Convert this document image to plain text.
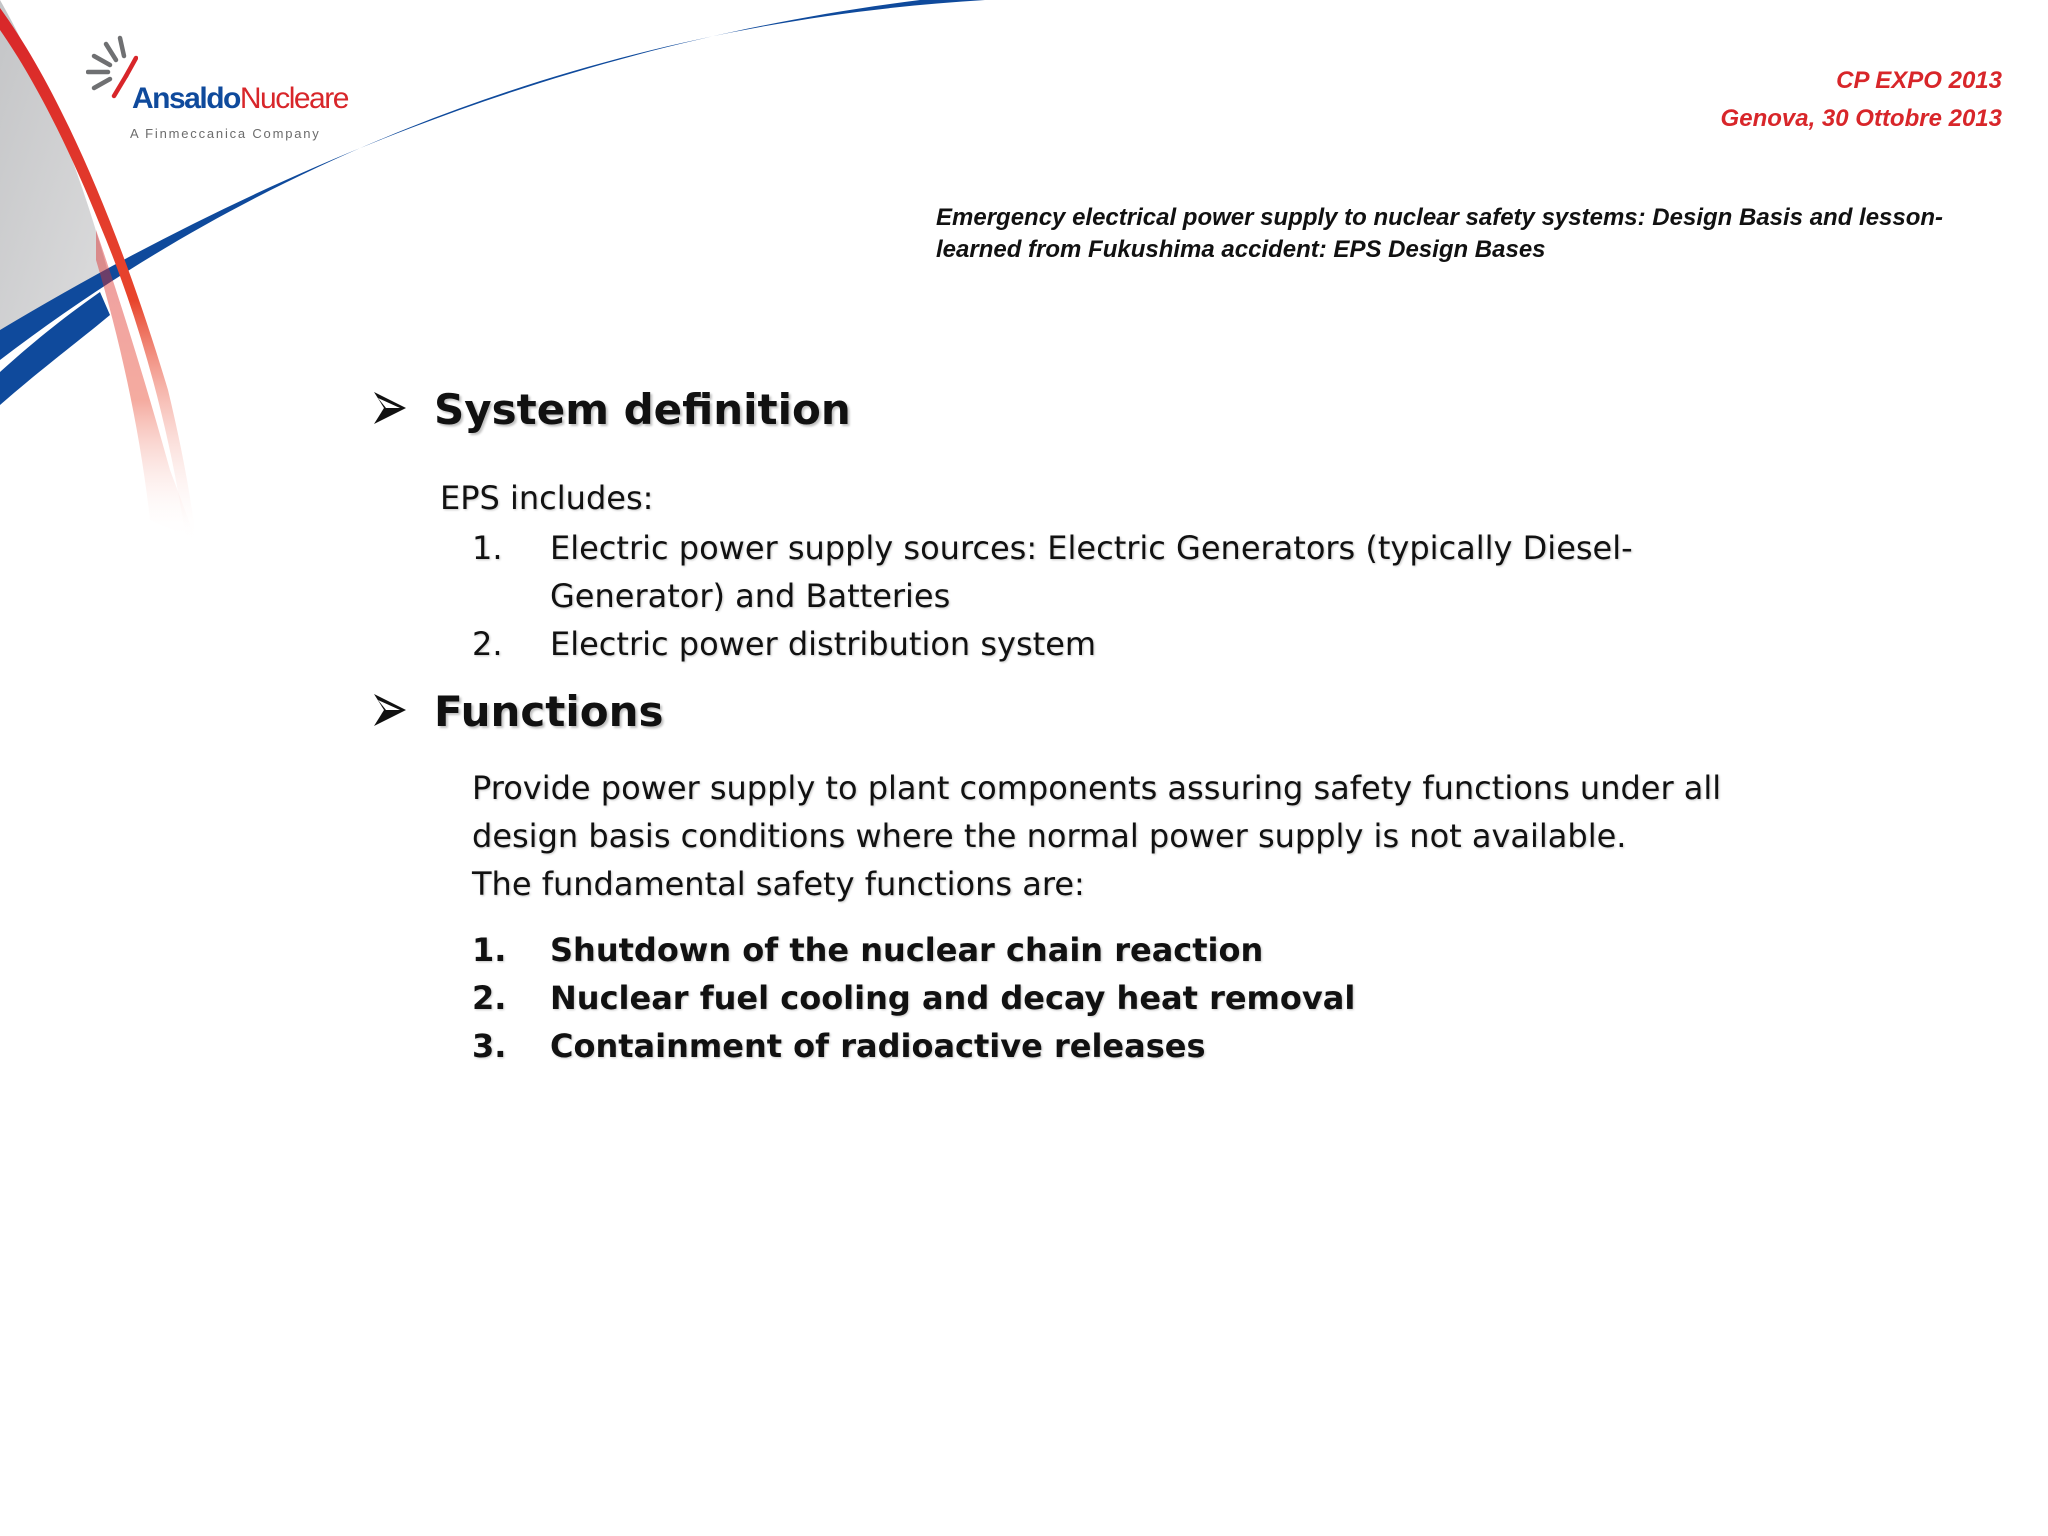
AnsaldoNucleare
A Finmeccanica Company
CP EXPO 2013
Genova, 30 Ottobre 2013
Emergency electrical power supply to nuclear safety systems: Design Basis and lesson-learned from Fukushima accident: EPS Design Bases
System definition
EPS includes:
1.	Electric power supply sources: Electric Generators (typically Diesel-Generator) and Batteries
2.	Electric power distribution system
Functions
Provide power supply to plant components assuring safety functions under all
design basis conditions where the normal power supply is not available.
The fundamental safety functions are:
1.	Shutdown of the nuclear chain reaction
2.	Nuclear fuel cooling and decay heat removal
3.	Containment of radioactive releases
